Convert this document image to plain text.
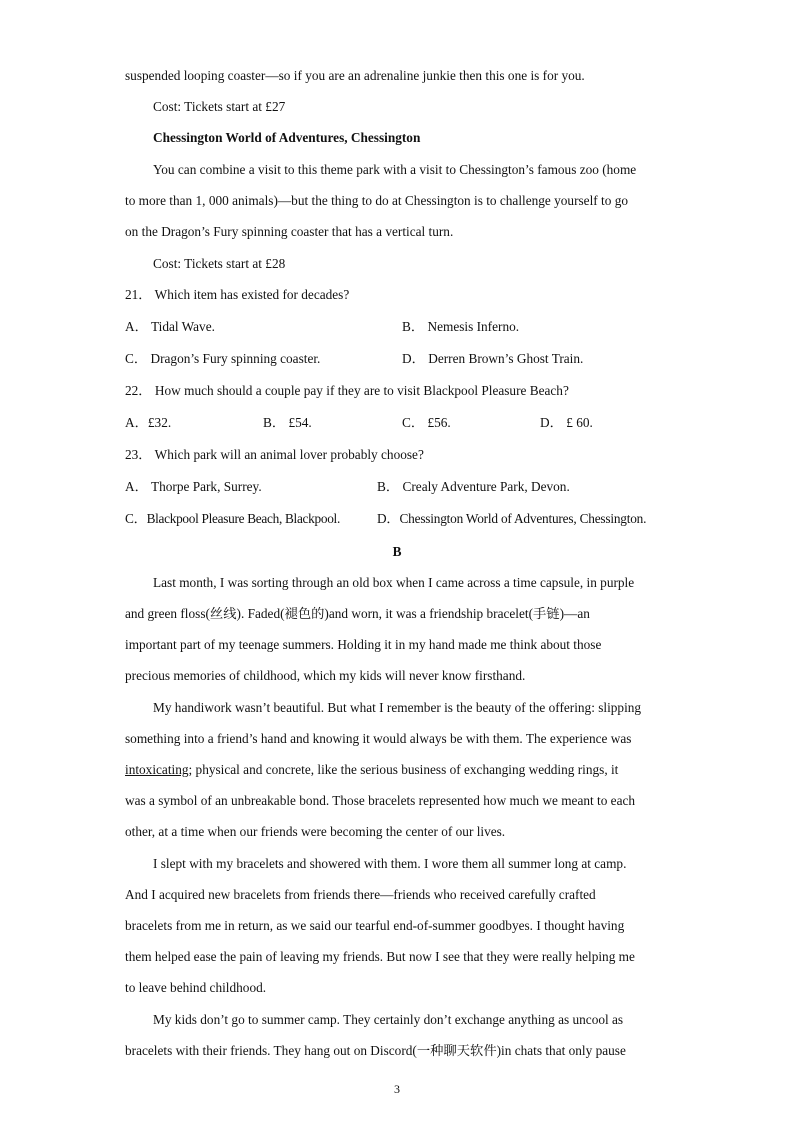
suspended looping coaster—so if you are an adrenaline junkie then this one is for you.
Cost: Tickets start at £27
Chessington World of Adventures, Chessington
You can combine a visit to this theme park with a visit to Chessington’s famous zoo (home
to more than 1, 000 animals)—but the thing to do at Chessington is to challenge yourself to go
on the Dragon’s Fury spinning coaster that has a vertical turn.
Cost: Tickets start at £28
21． Which item has existed for decades?
A． Tidal Wave.	B． Nemesis Inferno.
C． Dragon’s Fury spinning coaster.	D． Derren Brown’s Ghost Train.
22． How much should a couple pay if they are to visit Blackpool Pleasure Beach?
A．£32.	B． £54.	C． £56.	D． £ 60.
23． Which park will an animal lover probably choose?
A． Thorpe Park, Surrey.	B． Crealy Adventure Park, Devon.
C．Blackpool Pleasure Beach, Blackpool.	D．Chessington World of Adventures, Chessington.
B
Last month, I was sorting through an old box when I came across a time capsule, in purple
and green floss(丝线). Faded(褪色的)and worn, it was a friendship bracelet(手链)—an
important part of my teenage summers. Holding it in my hand made me think about those
precious memories of childhood, which my kids will never know firsthand.
My handiwork wasn’t beautiful. But what I remember is the beauty of the offering: slipping
something into a friend’s hand and knowing it would always be with them. The experience was
intoxicating; physical and concrete, like the serious business of exchanging wedding rings, it
was a symbol of an unbreakable bond. Those bracelets represented how much we meant to each
other, at a time when our friends were becoming the center of our lives.
I slept with my bracelets and showered with them. I wore them all summer long at camp.
And I acquired new bracelets from friends there—friends who received carefully crafted
bracelets from me in return, as we said our tearful end-of-summer goodbyes. I thought having
them helped ease the pain of leaving my friends. But now I see that they were really helping me
to leave behind childhood.
My kids don’t go to summer camp. They certainly don’t exchange anything as uncool as
bracelets with their friends. They hang out on Discord(一种聊天软件)in chats that only pause
3
